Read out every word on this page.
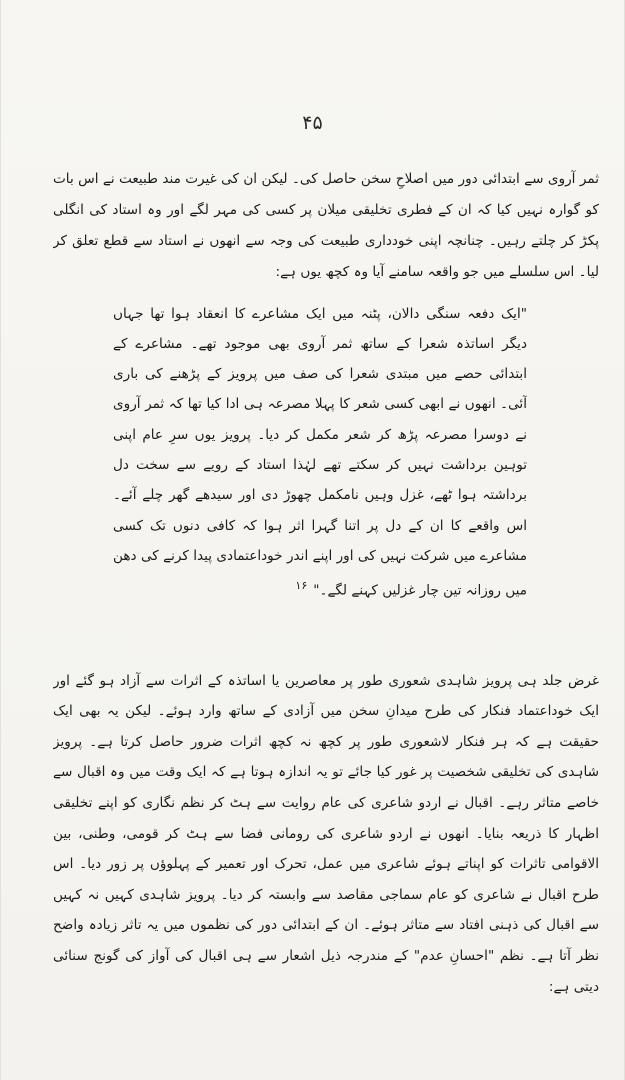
۴۵

ثمر آروی سے ابتدائی دور میں اصلاحِ سخن حاصل کی۔ لیکن ان کی غیرت مند طبیعت نے اس بات کو گوارہ نہیں کیا کہ ان کے فطری تخلیقی میلان پر کسی کی مہر لگے اور وہ استاد کی انگلی پکڑ کر چلتے رہیں۔ چنانچہ اپنی خودداری طبیعت کی وجہ سے انھوں نے استاد سے قطع تعلق کر لیا۔ اس سلسلے میں جو واقعہ سامنے آیا وہ کچھ یوں ہے:

"ایک دفعہ سنگی دالان، پٹنہ میں ایک مشاعرے کا انعقاد ہوا تھا جہاں دیگر اساتذہ شعرا کے ساتھ ثمر آروی بھی موجود تھے۔ مشاعرے کے ابتدائی حصے میں مبتدی شعرا کی صف میں پرویز کے پڑھنے کی باری آئی۔ انھوں نے ابھی کسی شعر کا پہلا مصرعہ ہی ادا کیا تھا کہ ثمر آروی نے دوسرا مصرعہ پڑھ کر شعر مکمل کر دیا۔ پرویز یوں سرِ عام اپنی توہین برداشت نہیں کر سکتے تھے لہٰذا استاد کے رویے سے سخت دل برداشتہ ہوا ٹھے، غزل وہیں نامکمل چھوڑ دی اور سیدھے گھر چلے آئے۔ اس واقعے کا ان کے دل پر اتنا گہرا اثر ہوا کہ کافی دنوں تک کسی مشاعرے میں شرکت نہیں کی اور اپنے اندر خوداعتمادی پیدا کرنے کی دھن میں روزانہ تین چار غزلیں کہنے لگے۔"$^{۱۶}$

غرض جلد ہی پرویز شاہدی شعوری طور پر معاصرین یا اساتذہ کے اثرات سے آزاد ہو گئے اور ایک خوداعتماد فنکار کی طرح میدانِ سخن میں آزادی کے ساتھ وارد ہوئے۔ لیکن یہ بھی ایک حقیقت ہے کہ ہر فنکار لاشعوری طور پر کچھ نہ کچھ اثرات ضرور حاصل کرتا ہے۔ پرویز شاہدی کی تخلیقی شخصیت پر غور کیا جائے تو یہ اندازہ ہوتا ہے کہ ایک وقت میں وہ اقبال سے خاصے متاثر رہے۔ اقبال نے اردو شاعری کی عام روایت سے ہٹ کر نظم نگاری کو اپنے تخلیقی اظہار کا ذریعہ بنایا۔ انھوں نے اردو شاعری کی رومانی فضا سے ہٹ کر قومی، وطنی، بین الاقوامی تاثرات کو اپناتے ہوئے شاعری میں عمل، تحرک اور تعمیر کے پہلوؤں پر زور دیا۔ اس طرح اقبال نے شاعری کو عام سماجی مقاصد سے وابستہ کر دیا۔ پرویز شاہدی کہیں نہ کہیں سے اقبال کی ذہنی افتاد سے متاثر ہوئے۔ ان کے ابتدائی دور کی نظموں میں یہ تاثر زیادہ واضح نظر آتا ہے۔ نظم "احسانِ عدم" کے مندرجہ ذیل اشعار سے ہی اقبال کی آواز کی گونج سنائی دیتی ہے:
